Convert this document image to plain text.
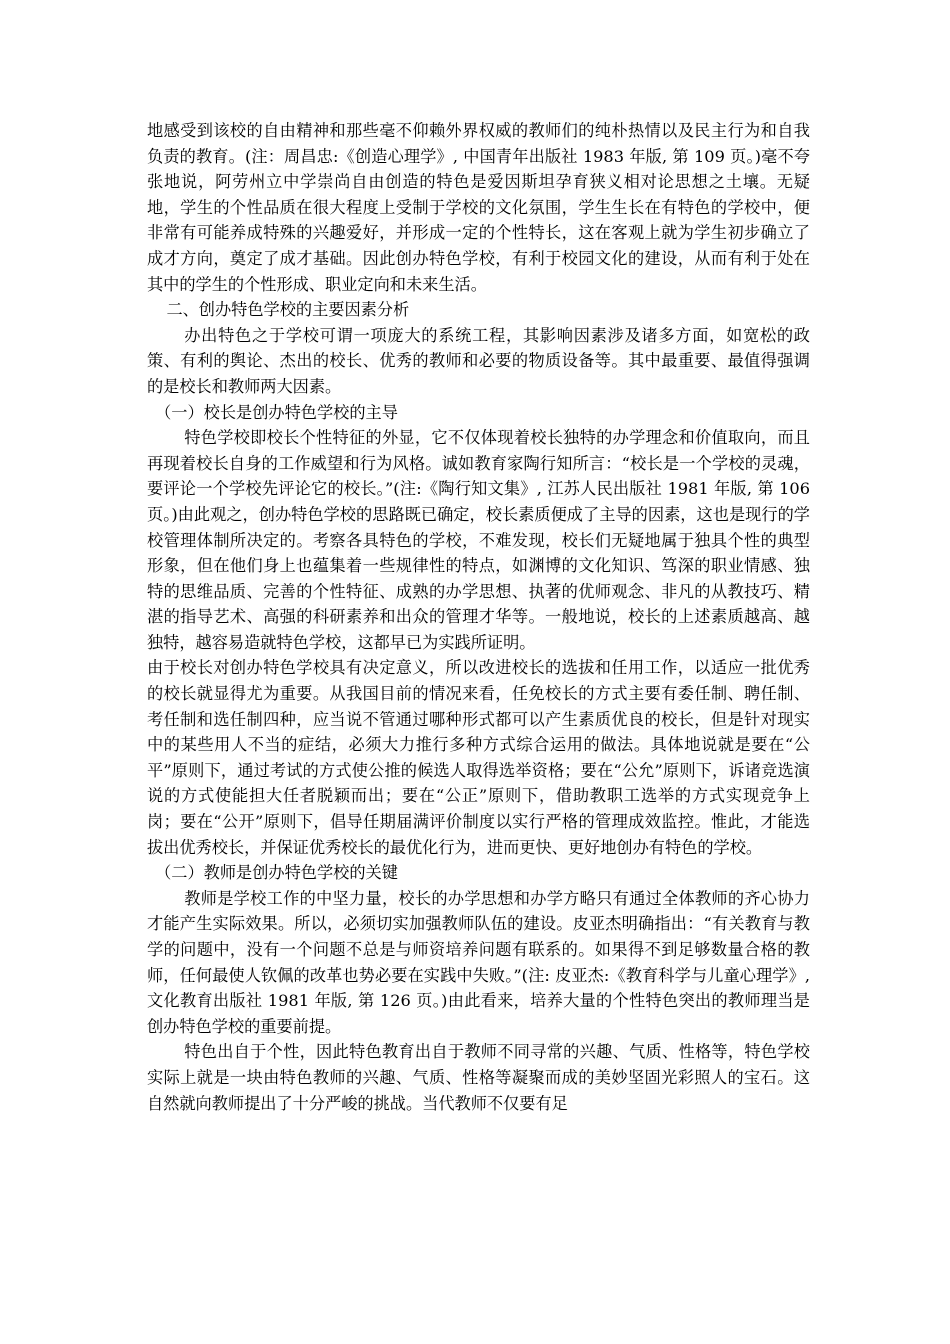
地感受到该校的自由精神和那些毫不仰赖外界权威的教师们的纯朴热情以及民主行为和自我负责的教育。(注：周昌忠:《创造心理学》, 中国青年出版社 1983 年版, 第 109 页。)毫不夸张地说，阿劳州立中学崇尚自由创造的特色是爱因斯坦孕育狭义相对论思想之土壤。无疑地，学生的个性品质在很大程度上受制于学校的文化氛围，学生生长在有特色的学校中，便非常有可能养成特殊的兴趣爱好，并形成一定的个性特长，这在客观上就为学生初步确立了成才方向，奠定了成才基础。因此创办特色学校，有利于校园文化的建设，从而有利于处在其中的学生的个性形成、职业定向和未来生活。

二、创办特色学校的主要因素分析

办出特色之于学校可谓一项庞大的系统工程，其影响因素涉及诸多方面，如宽松的政策、有利的舆论、杰出的校长、优秀的教师和必要的物质设备等。其中最重要、最值得强调的是校长和教师两大因素。

（一）校长是创办特色学校的主导

特色学校即校长个性特征的外显，它不仅体现着校长独特的办学理念和价值取向，而且再现着校长自身的工作威望和行为风格。诚如教育家陶行知所言：“校长是一个学校的灵魂，要评论一个学校先评论它的校长。”(注:《陶行知文集》, 江苏人民出版社 1981 年版, 第 106 页。)由此观之，创办特色学校的思路既已确定，校长素质便成了主导的因素，这也是现行的学校管理体制所决定的。考察各具特色的学校，不难发现，校长们无疑地属于独具个性的典型形象，但在他们身上也蕴集着一些规律性的特点，如渊博的文化知识、笃深的职业情感、独特的思维品质、完善的个性特征、成熟的办学思想、执著的优师观念、非凡的从教技巧、精湛的指导艺术、高强的科研素养和出众的管理才华等。一般地说，校长的上述素质越高、越独特，越容易造就特色学校，这都早已为实践所证明。

由于校长对创办特色学校具有决定意义，所以改进校长的选拔和任用工作，以适应一批优秀的校长就显得尤为重要。从我国目前的情况来看，任免校长的方式主要有委任制、聘任制、考任制和选任制四种，应当说不管通过哪种形式都可以产生素质优良的校长，但是针对现实中的某些用人不当的症结，必须大力推行多种方式综合运用的做法。具体地说就是要在“公平”原则下，通过考试的方式使公推的候选人取得选举资格；要在“公允”原则下，诉诸竞选演说的方式使能担大任者脱颖而出；要在“公正”原则下，借助教职工选举的方式实现竞争上岗；要在“公开”原则下，倡导任期届满评价制度以实行严格的管理成效监控。惟此，才能选拔出优秀校长，并保证优秀校长的最优化行为，进而更快、更好地创办有特色的学校。

（二）教师是创办特色学校的关键

教师是学校工作的中坚力量，校长的办学思想和办学方略只有通过全体教师的齐心协力才能产生实际效果。所以，必须切实加强教师队伍的建设。皮亚杰明确指出：“有关教育与教学的问题中，没有一个问题不总是与师资培养问题有联系的。如果得不到足够数量合格的教师，任何最使人钦佩的改革也势必要在实践中失败。”(注: 皮亚杰:《教育科学与儿童心理学》, 文化教育出版社 1981 年版, 第 126 页。)由此看来，培养大量的个性特色突出的教师理当是创办特色学校的重要前提。

特色出自于个性，因此特色教育出自于教师不同寻常的兴趣、气质、性格等，特色学校实际上就是一块由特色教师的兴趣、气质、性格等凝聚而成的美妙坚固光彩照人的宝石。这自然就向教师提出了十分严峻的挑战。当代教师不仅要有足
